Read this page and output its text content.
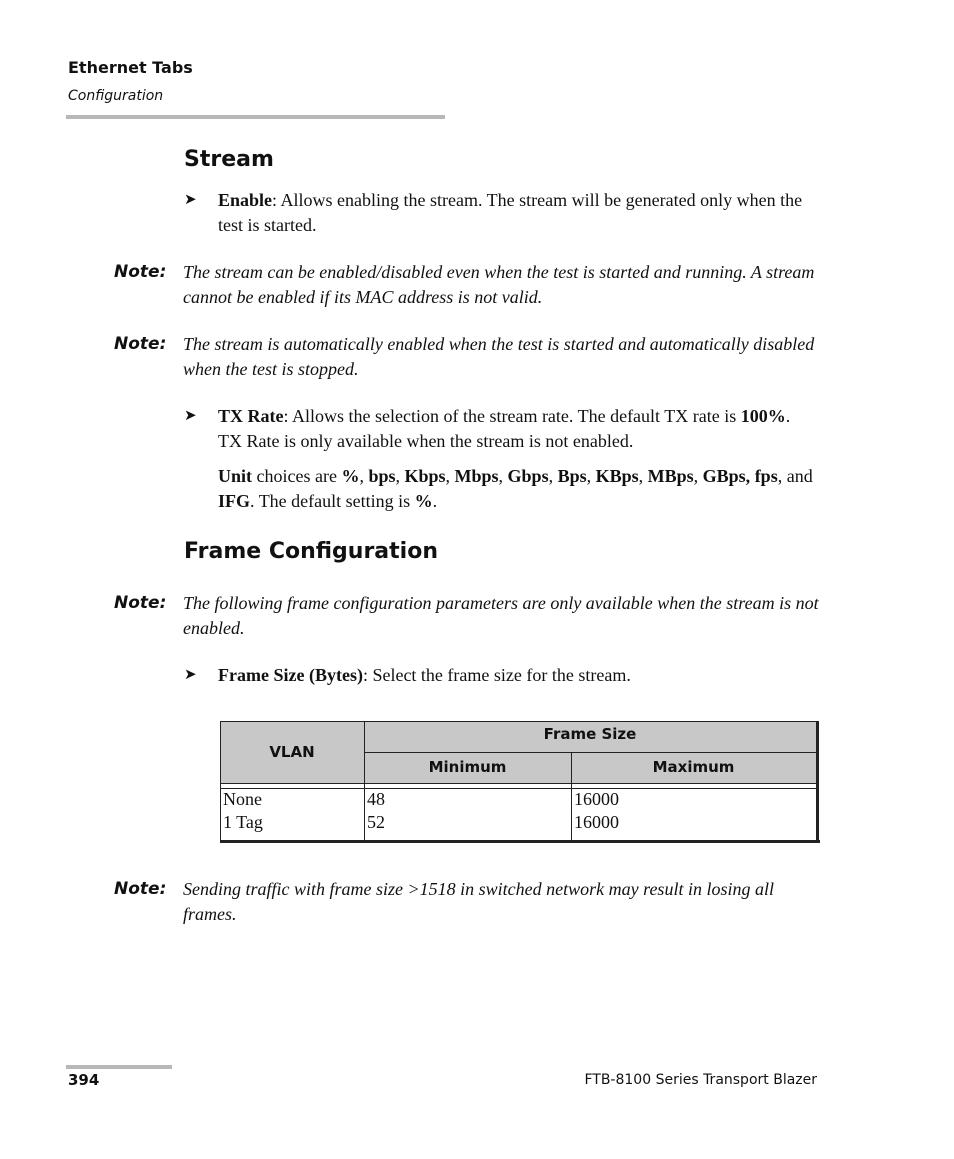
Ethernet Tabs
Configuration
Stream
➤ Enable: Allows enabling the stream. The stream will be generated only when the test is started.
Note: The stream can be enabled/disabled even when the test is started and running. A stream cannot be enabled if its MAC address is not valid.
Note: The stream is automatically enabled when the test is started and automatically disabled when the test is stopped.
➤ TX Rate: Allows the selection of the stream rate. The default TX rate is 100%. TX Rate is only available when the stream is not enabled.
Unit choices are %, bps, Kbps, Mbps, Gbps, Bps, KBps, MBps, GBps, fps, and IFG. The default setting is %.
Frame Configuration
Note: The following frame configuration parameters are only available when the stream is not enabled.
➤ Frame Size (Bytes): Select the frame size for the stream.
VLAN
Frame Size
Minimum	Maximum
None
1 Tag
48
52
16000
16000
Note: Sending traffic with frame size >1518 in switched network may result in losing all frames.
394	FTB-8100 Series Transport Blazer
